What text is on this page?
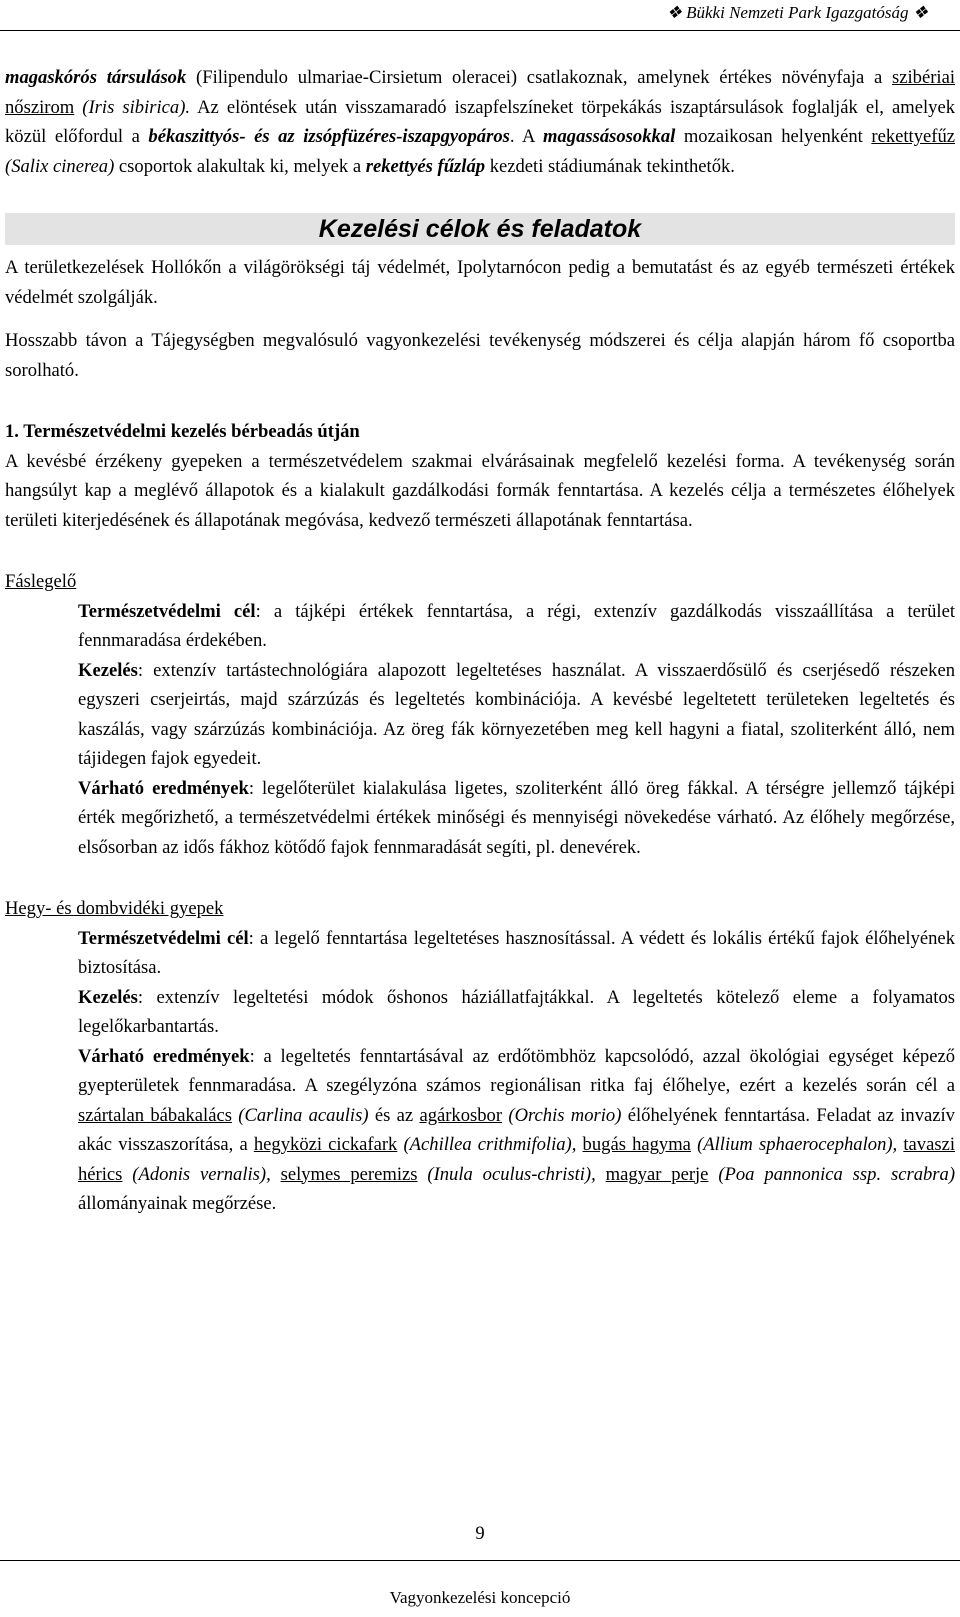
❖ Bükki Nemzeti Park Igazgatóság ❖

magaskórós társulások (Filipendulo ulmariae-Cirsietum oleracei) csatlakoznak, amelynek értékes növényfaja a szibériai nőszirom (Iris sibirica). Az elöntések után visszamaradó iszapfelszíneket törpekákás iszaptársulások foglalják el, amelyek közül előfordul a békaszittyós- és az izsópfüzéres-iszapgyopáros. A magassásosokkal mozaikosan helyenként rekettyefűz (Salix cinerea) csoportok alakultak ki, melyek a rekettyés fűzláp kezdeti stádiumának tekinthetők.

Kezelési célok és feladatok

A területkezelések Hollókőn a világörökségi táj védelmét, Ipolytarnócon pedig a bemutatást és az egyéb természeti értékek védelmét szolgálják.

Hosszabb távon a Tájegységben megvalósuló vagyonkezelési tevékenység módszerei és célja alapján három fő csoportba sorolható.

1. Természetvédelmi kezelés bérbeadás útján

A kevésbé érzékeny gyepeken a természetvédelem szakmai elvárásainak megfelelő kezelési forma. A tevékenység során hangsúlyt kap a meglévő állapotok és a kialakult gazdálkodási formák fenntartása. A kezelés célja a természetes élőhelyek területi kiterjedésének és állapotának megóvása, kedvező természeti állapotának fenntartása.

Fáslegelő

Természetvédelmi cél: a tájképi értékek fenntartása, a régi, extenzív gazdálkodás visszaállítása a terület fennmaradása érdekében.

Kezelés: extenzív tartástechnológiára alapozott legeltetéses használat. A visszaerdősülő és cserjésedő részeken egyszeri cserjeirtás, majd szárzúzás és legeltetés kombinációja. A kevésbé legeltetett területeken legeltetés és kaszálás, vagy szárzúzás kombinációja. Az öreg fák környezetében meg kell hagyni a fiatal, szoliterként álló, nem tájidegen fajok egyedeit.

Várható eredmények: legelőterület kialakulása ligetes, szoliterként álló öreg fákkal. A térségre jellemző tájképi érték megőrizhető, a természetvédelmi értékek minőségi és mennyiségi növekedése várható. Az élőhely megőrzése, elsősorban az idős fákhoz kötődő fajok fennmaradását segíti, pl. denevérek.

Hegy- és dombvidéki gyepek

Természetvédelmi cél: a legelő fenntartása legeltetéses hasznosítással. A védett és lokális értékű fajok élőhelyének biztosítása.

Kezelés: extenzív legeltetési módok őshonos háziállatfajtákkal. A legeltetés kötelező eleme a folyamatos legelőkarbantartás.

Várható eredmények: a legeltetés fenntartásával az erdőtömbhöz kapcsolódó, azzal ökológiai egységet képező gyepterületek fennmaradása. A szegélyzóna számos regionálisan ritka faj élőhelye, ezért a kezelés során cél a szártalan bábakalács (Carlina acaulis) és az agárkosbor (Orchis morio) élőhelyének fenntartása. Feladat az invazív akác visszaszorítása, a hegyközi cickafark (Achillea crithmifolia), bugás hagyma (Allium sphaerocephalon), tavaszi hérics (Adonis vernalis), selymes peremizs (Inula oculus-christi), magyar perje (Poa pannonica ssp. scrabra) állományainak megőrzése.

9
Vagyonkezelési koncepció
